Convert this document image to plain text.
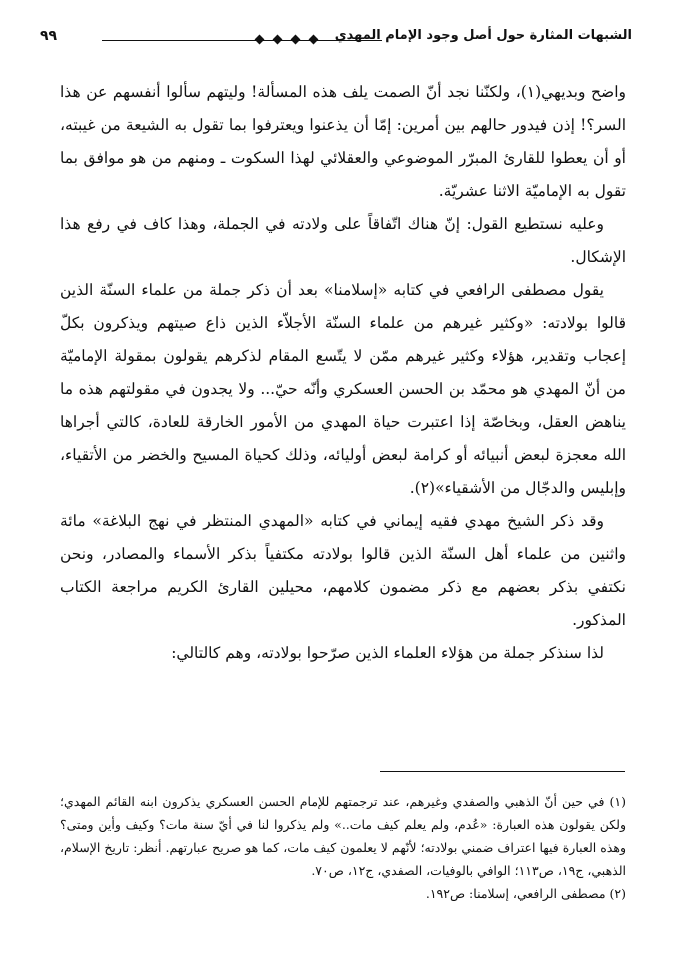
الشبهات المثارة حول أصل وجود الإمام المهدي
٩٩

واضح وبديهي(١)، ولكنّنا نجد أنّ الصمت يلف هذه المسألة! وليتهم سألوا أنفسهم عن هذا السر؟! إذن فيدور حالهم بين أمرين: إمّا أن يذعنوا ويعترفوا بما تقول به الشيعة من غيبته، أو أن يعطوا للقارئ المبرّر الموضوعي والعقلائي لهذا السكوت ـ ومنهم من هو موافق بما تقول به الإماميّة الاثنا عشريّة.

وعليه نستطيع القول: إنّ هناك اتّفاقاً على ولادته في الجملة، وهذا كاف في رفع هذا الإشكال.

يقول مصطفى الرافعي في كتابه «إسلامنا» بعد أن ذكر جملة من علماء السنّة الذين قالوا بولادته: «وكثير غيرهم من علماء السنّة الأجلاّء الذين ذاع صيتهم ويذكرون بكلّ إعجاب وتقدير، هؤلاء وكثير غيرهم ممّن لا يتّسع المقام لذكرهم يقولون بمقولة الإماميّة من أنّ المهدي هو محمّد بن الحسن العسكري وأنّه حيّ... ولا يجدون في مقولتهم هذه ما يناهض العقل، وبخاصّة إذا اعتبرت حياة المهدي من الأمور الخارقة للعادة، كالتي أجراها الله معجزة لبعض أنبيائه أو كرامة لبعض أوليائه، وذلك كحياة المسيح والخضر من الأتقياء، وإبليس والدجّال من الأشقياء»(٢).

وقد ذكر الشيخ مهدي فقيه إيماني في كتابه «المهدي المنتظر في نهج البلاغة» مائة واثنين من علماء أهل السنّة الذين قالوا بولادته مكتفياً بذكر الأسماء والمصادر، ونحن نكتفي بذكر بعضهم مع ذكر مضمون كلامهم، محيلين القارئ الكريم مراجعة الكتاب المذكور.

لذا سنذكر جملة من هؤلاء العلماء الذين صرّحوا بولادته، وهم كالتالي:

(١) في حين أنّ الذهبي والصفدي وغيرهم، عند ترجمتهم للإمام الحسن العسكري يذكرون ابنه القائم المهدي؛ ولكن يقولون هذه العبارة: «عُدم، ولم يعلم كيف مات..» ولم يذكروا لنا في أيّ سنة مات؟ وكيف وأين ومتى؟ وهذه العبارة فيها اعتراف ضمني بولادته؛ لأنّهم لا يعلمون كيف مات، كما هو صريح عبارتهم. أنظر: تاريخ الإسلام، الذهبي، ج١٩، ص١١٣؛ الوافي بالوفيات، الصفدي، ج١٢، ص٧٠.

(٢) مصطفى الرافعي، إسلامنا: ص١٩٢.
